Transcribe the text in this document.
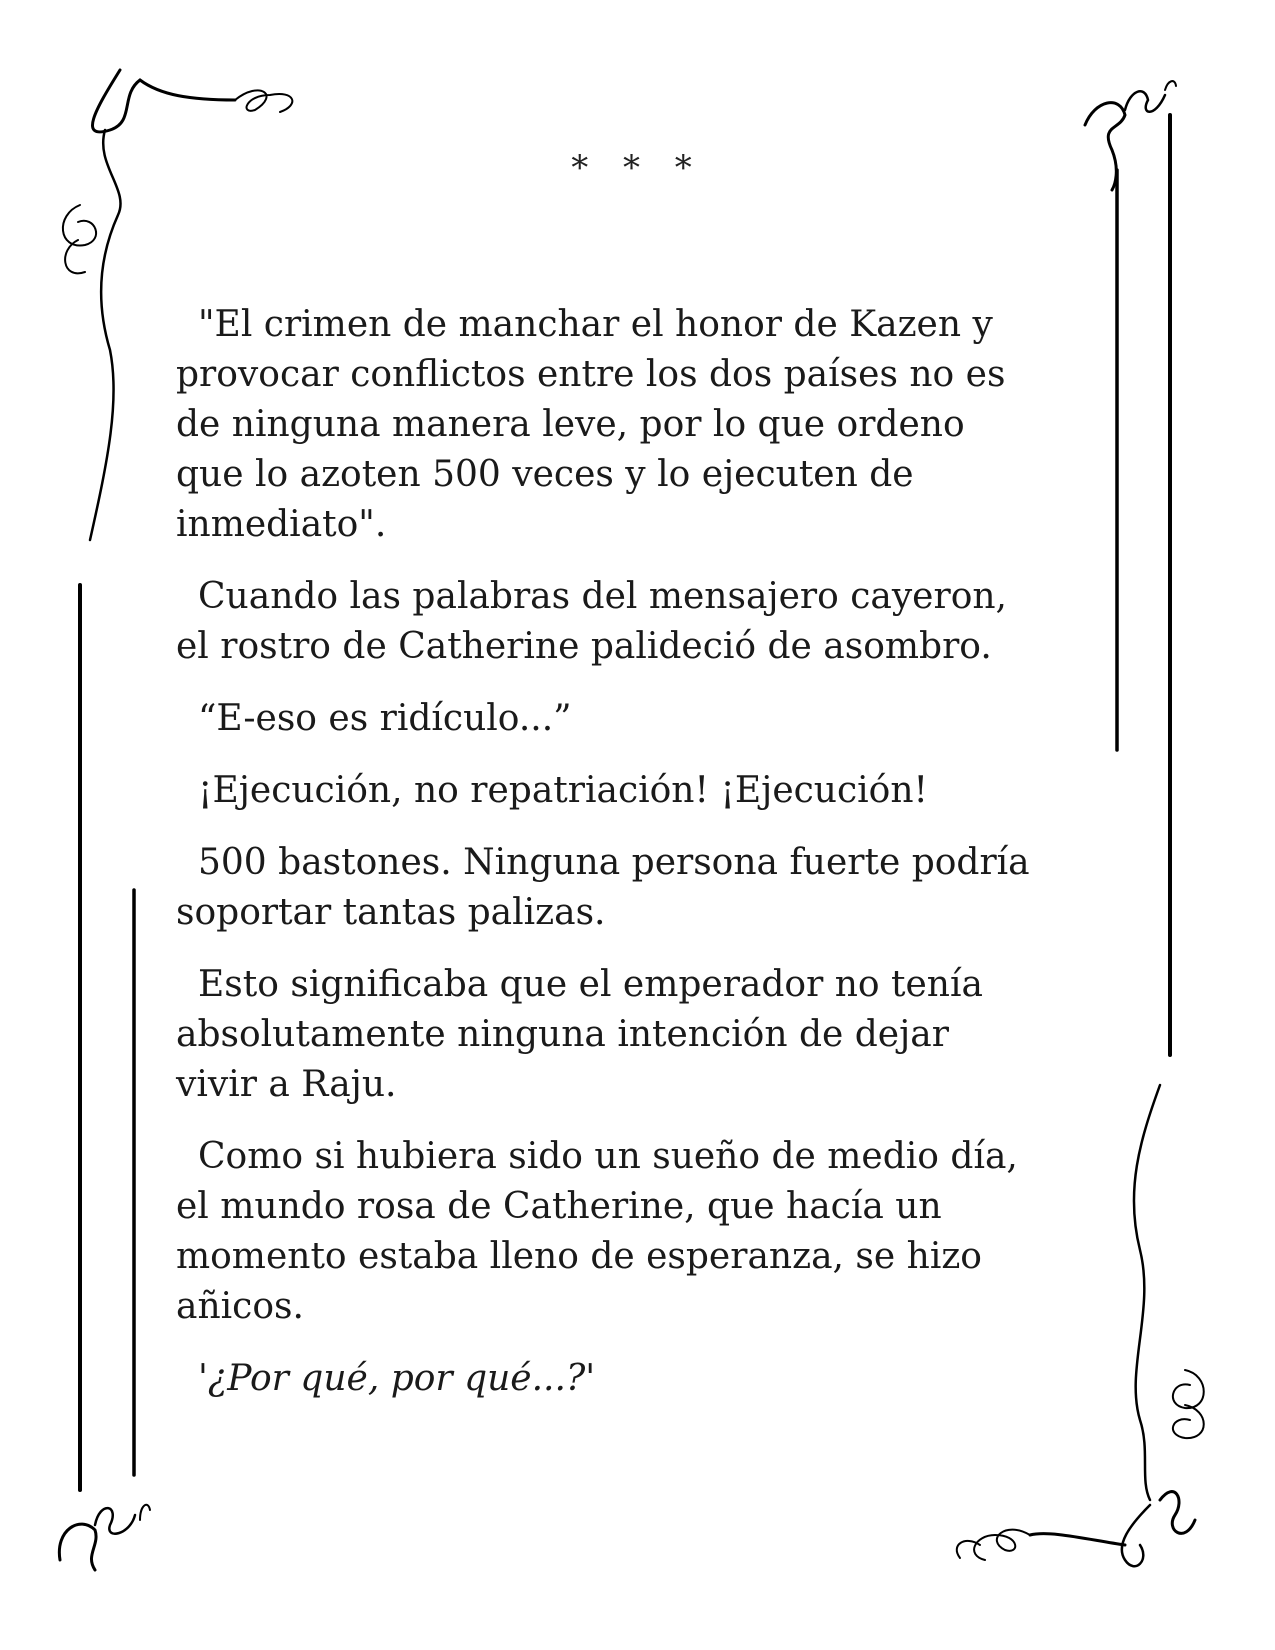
* * *

"El crimen de manchar el honor de Kazen y
provocar conflictos entre los dos países no es
de ninguna manera leve, por lo que ordeno
que lo azoten 500 veces y lo ejecuten de
inmediato".

Cuando las palabras del mensajero cayeron,
el rostro de Catherine palideció de asombro.

“E-eso es ridículo...”

¡Ejecución, no repatriación! ¡Ejecución!

500 bastones. Ninguna persona fuerte podría
soportar tantas palizas.

Esto significaba que el emperador no tenía
absolutamente ninguna intención de dejar
vivir a Raju.

Como si hubiera sido un sueño de medio día,
el mundo rosa de Catherine, que hacía un
momento estaba lleno de esperanza, se hizo
añicos.

'¿Por qué, por qué...?'
